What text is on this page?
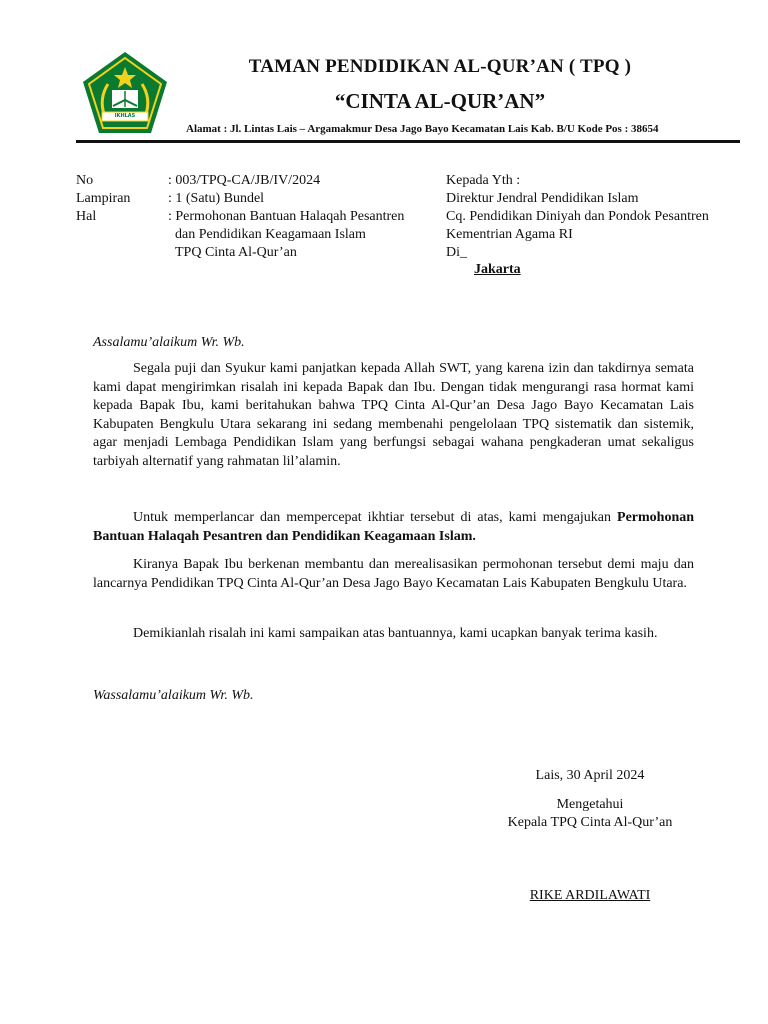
IKHLAS BERAMAL
TAMAN PENDIDIKAN AL-QUR’AN ( TPQ )
“CINTA AL-QUR’AN”
Alamat : Jl. Lintas Lais – Argamakmur Desa Jago Bayo Kecamatan Lais Kab. B/U Kode Pos : 38654
No	: 003/TPQ-CA/JB/IV/2024
Lampiran	: 1 (Satu) Bundel
Hal	: Permohonan Bantuan Halaqah Pesantren
dan Pendidikan Keagamaan Islam
TPQ Cinta Al-Qur’an
Kepada Yth :
Direktur Jendral Pendidikan Islam
Cq. Pendidikan Diniyah dan Pondok Pesantren
Kementrian Agama RI
Di_
Jakarta
Assalamu’alaikum Wr. Wb.
Segala puji dan Syukur kami panjatkan kepada Allah SWT, yang karena izin dan takdirnya semata kami dapat mengirimkan risalah ini kepada Bapak dan Ibu. Dengan tidak mengurangi rasa hormat kami kepada Bapak Ibu, kami beritahukan bahwa TPQ Cinta Al-Qur’an Desa Jago Bayo Kecamatan Lais Kabupaten Bengkulu Utara sekarang ini sedang membenahi pengelolaan TPQ sistematik dan sistemik, agar menjadi Lembaga Pendidikan Islam yang berfungsi sebagai wahana pengkaderan umat sekaligus tarbiyah alternatif yang rahmatan lil’alamin.
Untuk memperlancar dan mempercepat ikhtiar tersebut di atas, kami mengajukan Permohonan Bantuan Halaqah Pesantren dan Pendidikan Keagamaan Islam.
Kiranya Bapak Ibu berkenan membantu dan merealisasikan permohonan tersebut demi maju dan lancarnya Pendidikan TPQ Cinta Al-Qur’an Desa Jago Bayo Kecamatan Lais Kabupaten Bengkulu Utara.
Demikianlah risalah ini kami sampaikan atas bantuannya, kami ucapkan banyak terima kasih.
Wassalamu’alaikum Wr. Wb.
Lais, 30 April 2024
Mengetahui
Kepala TPQ Cinta Al-Qur’an
RIKE ARDILAWATI
